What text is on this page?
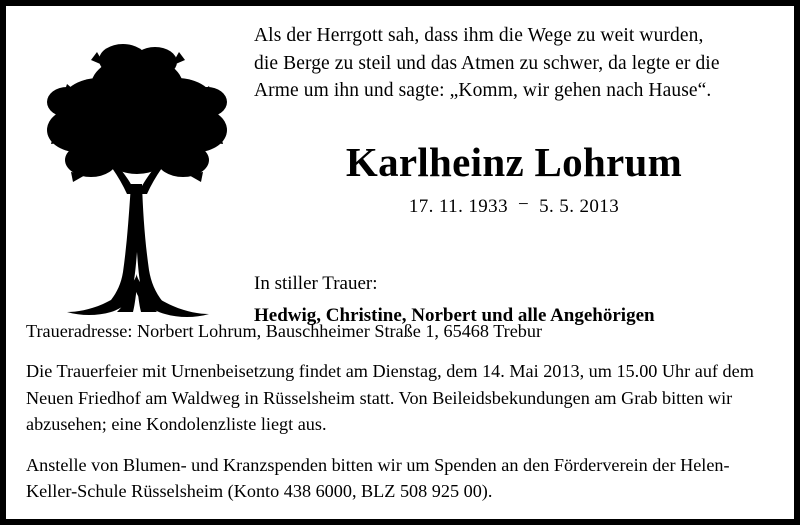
Als der Herrgott sah, dass ihm die Wege zu weit wurden,
die Berge zu steil und das Atmen zu schwer, da legte er die
Arme um ihn und sagte: „Komm, wir gehen nach Hause“.
Karlheinz Lohrum
17. 11. 1933 − 5. 5. 2013
In stiller Trauer:
Hedwig, Christine, Norbert und alle Angehörigen

Traueradresse: Norbert Lohrum, Bauschheimer Straße 1, 65468 Trebur

Die Trauerfeier mit Urnenbeisetzung findet am Dienstag, dem 14. Mai 2013, um 15.00 Uhr auf dem Neuen Friedhof am Waldweg in Rüsselsheim statt. Von Beileidsbekundungen am Grab bitten wir abzusehen; eine Kondolenzliste liegt aus.

Anstelle von Blumen- und Kranzspenden bitten wir um Spenden an den Förderverein der Helen-Keller-Schule Rüsselsheim (Konto 438 6000, BLZ 508 925 00).
